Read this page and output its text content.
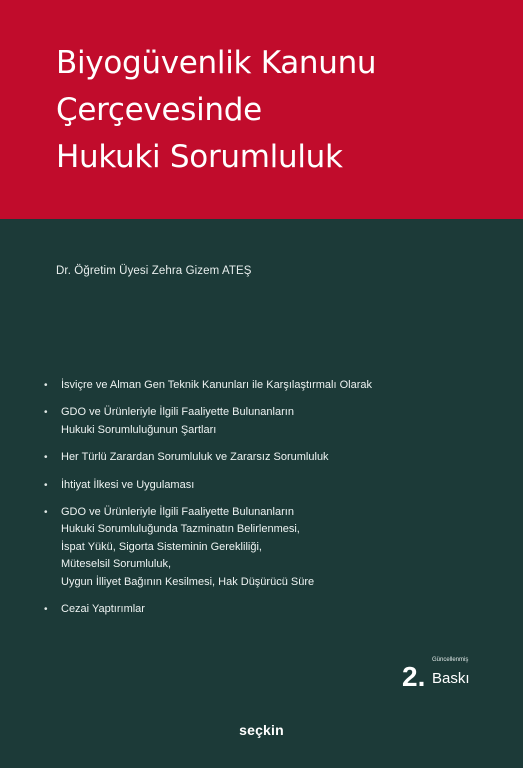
Biyogüvenlik Kanunu
Çerçevesinde
Hukuki Sorumluluk
Dr. Öğretim Üyesi Zehra Gizem ATEŞ
• İsviçre ve Alman Gen Teknik Kanunları ile Karşılaştırmalı Olarak
• GDO ve Ürünleriyle İlgili Faaliyette Bulunanların
Hukuki Sorumluluğunun Şartları
• Her Türlü Zarardan Sorumluluk ve Zararsız Sorumluluk
• İhtiyat İlkesi ve Uygulaması
• GDO ve Ürünleriyle İlgili Faaliyette Bulunanların
Hukuki Sorumluluğunda Tazminatın Belirlenmesi,
İspat Yükü, Sigorta Sisteminin Gerekliliği,
Müteselsil Sorumluluk,
Uygun İlliyet Bağının Kesilmesi, Hak Düşürücü Süre
• Cezai Yaptırımlar
Güncellenmiş
2. Baskı
seçkin
